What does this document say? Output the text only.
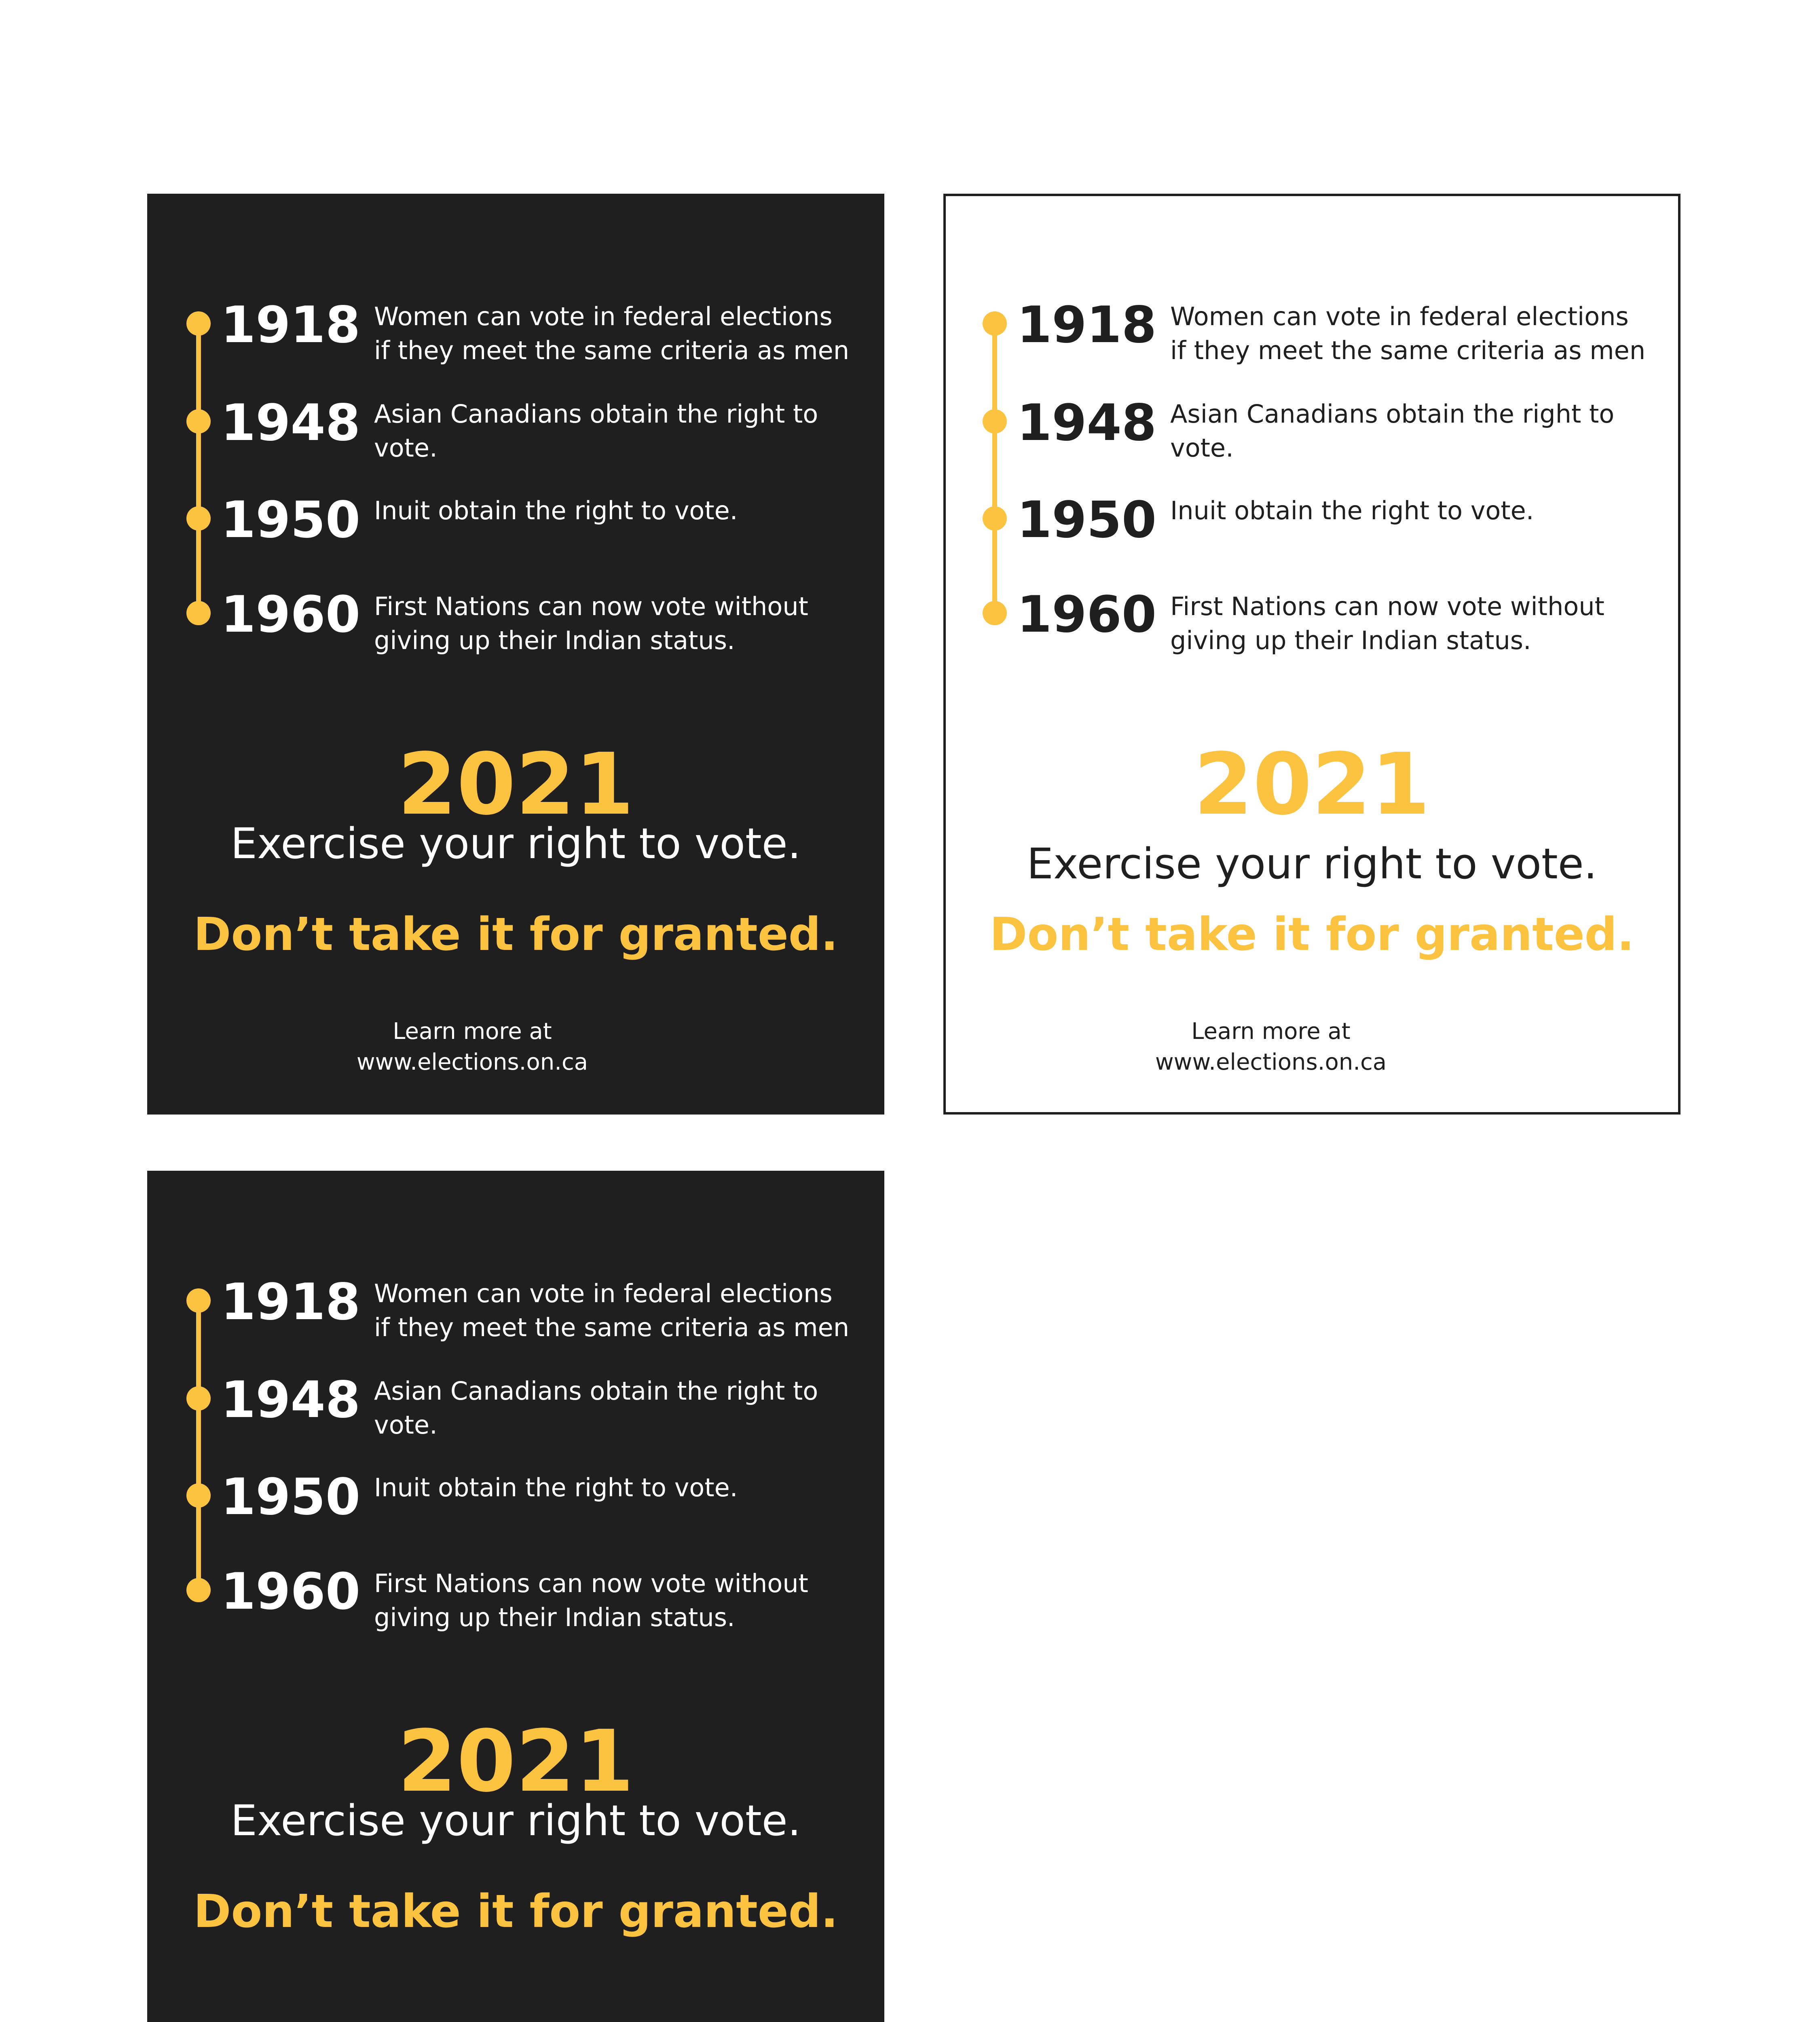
1918 Women can vote in federal elections
if they meet the same criteria as men
1948 Asian Canadians obtain the right to
vote.
1950 Inuit obtain the right to vote.
1960 First Nations can now vote without
giving up their Indian status.
2021
Exercise your right to vote.
Don’t take it for granted.
Learn more at
www.elections.on.ca
1918 Women can vote in federal elections
if they meet the same criteria as men
1948 Asian Canadians obtain the right to
vote.
1950 Inuit obtain the right to vote.
1960 First Nations can now vote without
giving up their Indian status.
2021
Exercise your right to vote.
Don’t take it for granted.
Learn more at
www.elections.on.ca
1918 Women can vote in federal elections
if they meet the same criteria as men
1948 Asian Canadians obtain the right to
vote.
1950 Inuit obtain the right to vote.
1960 First Nations can now vote without
giving up their Indian status.
2021
Exercise your right to vote.
Don’t take it for granted.
